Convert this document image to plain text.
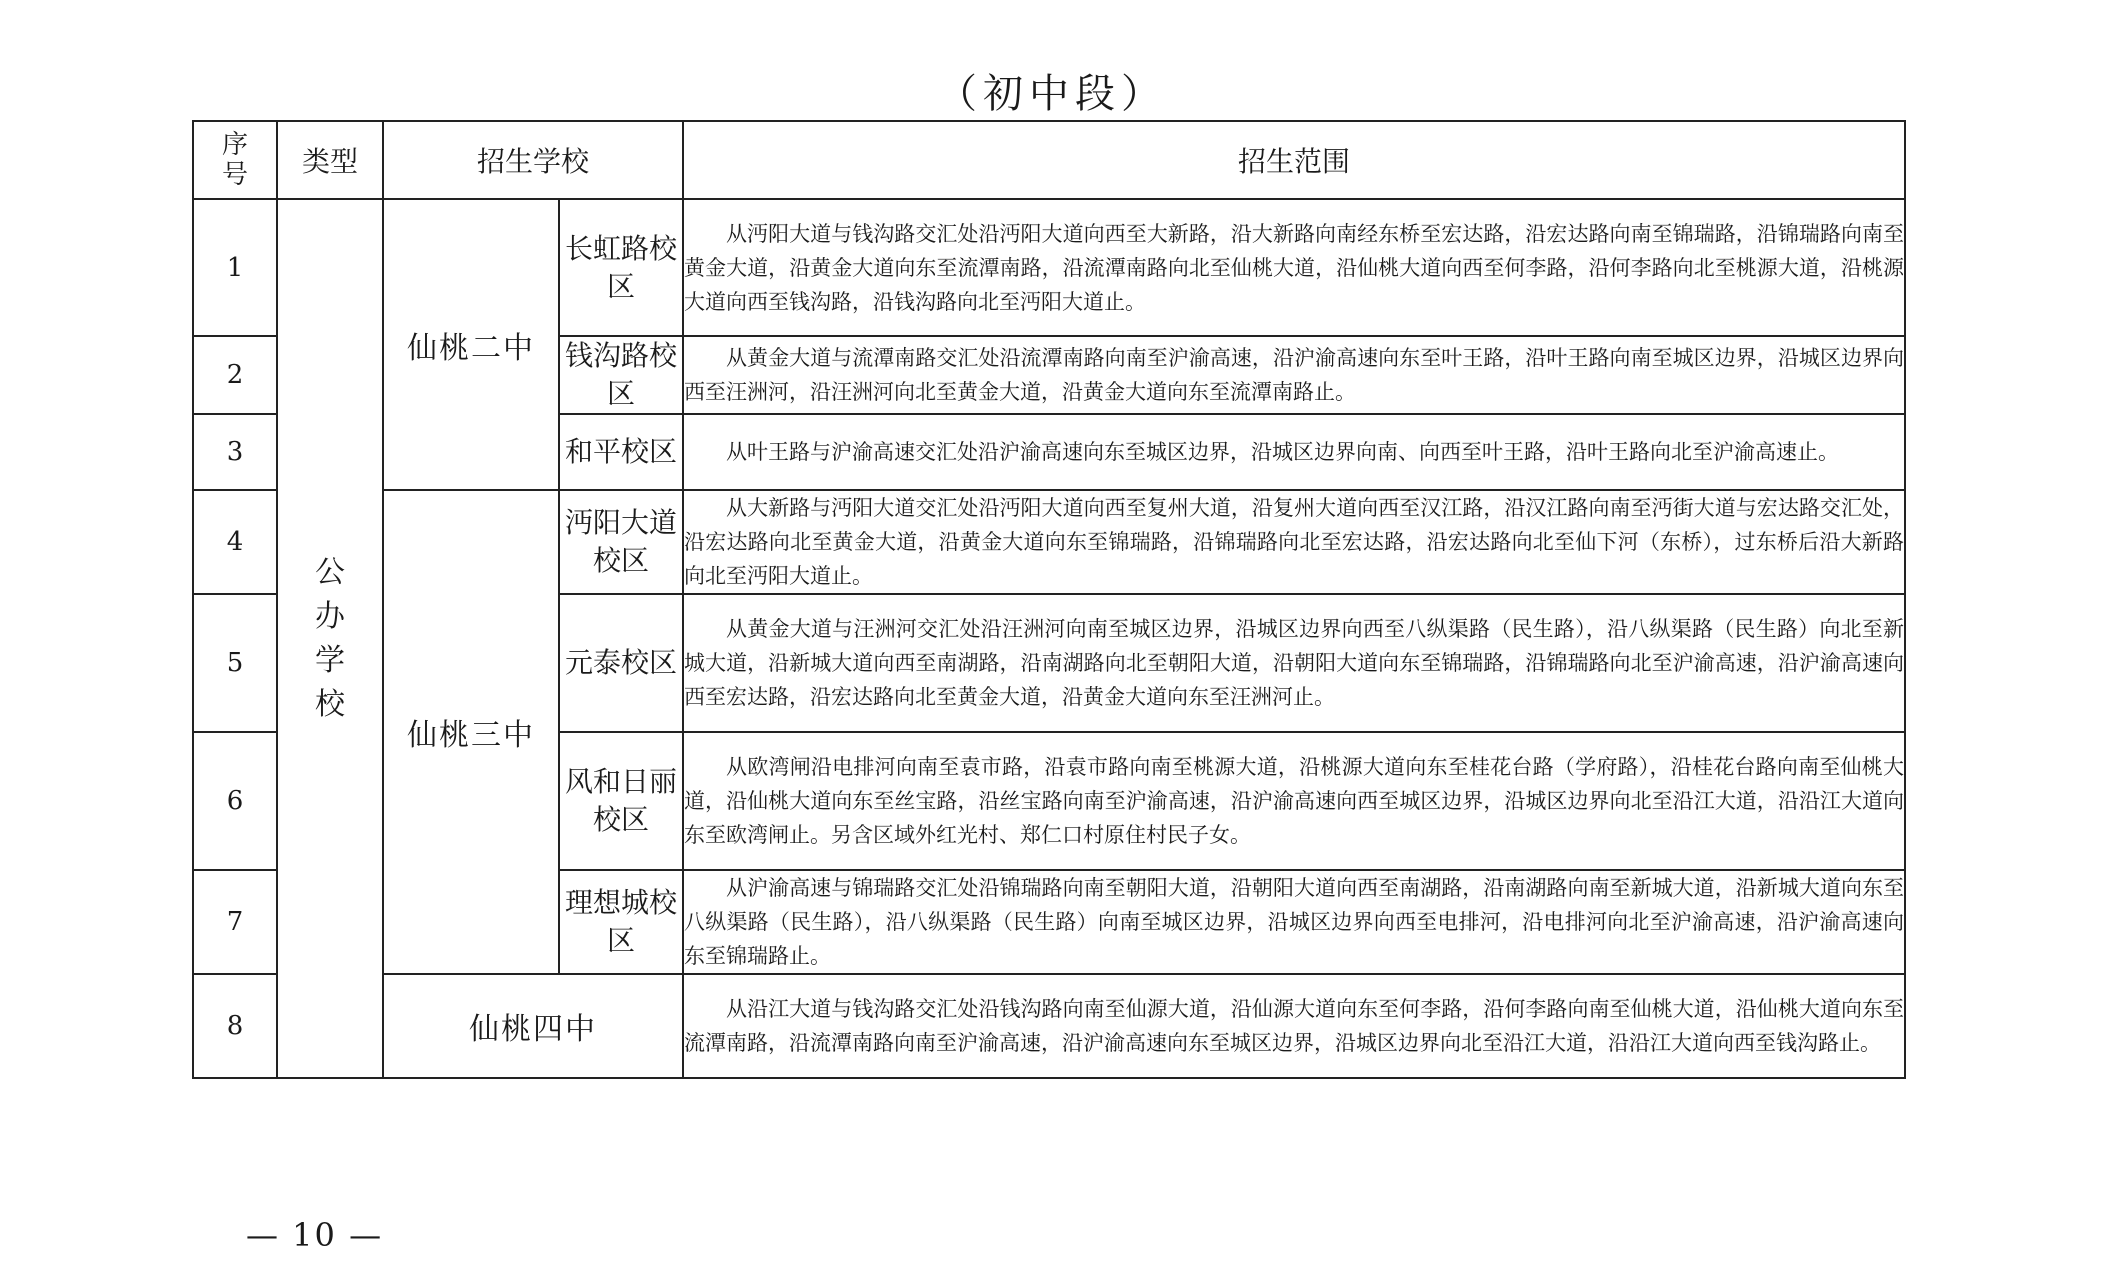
（初中段）
序号	类型	招生学校		招生范围
1	公办学校	仙桃二中	长虹路校区	从沔阳大道与钱沟路交汇处沿沔阳大道向西至大新路，沿大新路向南经东桥至宏达路，沿宏达路向南至锦瑞路，沿锦瑞路向南至黄金大道，沿黄金大道向东至流潭南路，沿流潭南路向北至仙桃大道，沿仙桃大道向西至何李路，沿何李路向北至桃源大道，沿桃源大道向西至钱沟路，沿钱沟路向北至沔阳大道止。
2			钱沟路校区	从黄金大道与流潭南路交汇处沿流潭南路向南至沪渝高速，沿沪渝高速向东至叶王路，沿叶王路向南至城区边界，沿城区边界向西至汪洲河，沿汪洲河向北至黄金大道，沿黄金大道向东至流潭南路止。
3			和平校区	从叶王路与沪渝高速交汇处沿沪渝高速向东至城区边界，沿城区边界向南、向西至叶王路，沿叶王路向北至沪渝高速止。
4		仙桃三中	沔阳大道校区	从大新路与沔阳大道交汇处沿沔阳大道向西至复州大道，沿复州大道向西至汉江路，沿汉江路向南至沔街大道与宏达路交汇处，沿宏达路向北至黄金大道，沿黄金大道向东至锦瑞路，沿锦瑞路向北至宏达路，沿宏达路向北至仙下河（东桥），过东桥后沿大新路向北至沔阳大道止。
5			元泰校区	从黄金大道与汪洲河交汇处沿汪洲河向南至城区边界，沿城区边界向西至八纵渠路（民生路），沿八纵渠路（民生路）向北至新城大道，沿新城大道向西至南湖路，沿南湖路向北至朝阳大道，沿朝阳大道向东至锦瑞路，沿锦瑞路向北至沪渝高速，沿沪渝高速向西至宏达路，沿宏达路向北至黄金大道，沿黄金大道向东至汪洲河止。
6			风和日丽校区	从欧湾闸沿电排河向南至袁市路，沿袁市路向南至桃源大道，沿桃源大道向东至桂花台路（学府路），沿桂花台路向南至仙桃大道，沿仙桃大道向东至丝宝路，沿丝宝路向南至沪渝高速，沿沪渝高速向西至城区边界，沿城区边界向北至沿江大道，沿沿江大道向东至欧湾闸止。另含区域外红光村、郑仁口村原住村民子女。
7			理想城校区	从沪渝高速与锦瑞路交汇处沿锦瑞路向南至朝阳大道，沿朝阳大道向西至南湖路，沿南湖路向南至新城大道，沿新城大道向东至八纵渠路（民生路），沿八纵渠路（民生路）向南至城区边界，沿城区边界向西至电排河，沿电排河向北至沪渝高速，沿沪渝高速向东至锦瑞路止。
8		仙桃四中		从沿江大道与钱沟路交汇处沿钱沟路向南至仙源大道，沿仙源大道向东至何李路，沿何李路向南至仙桃大道，沿仙桃大道向东至流潭南路，沿流潭南路向南至沪渝高速，沿沪渝高速向东至城区边界，沿城区边界向北至沿江大道，沿沿江大道向西至钱沟路止。
— 10 —
